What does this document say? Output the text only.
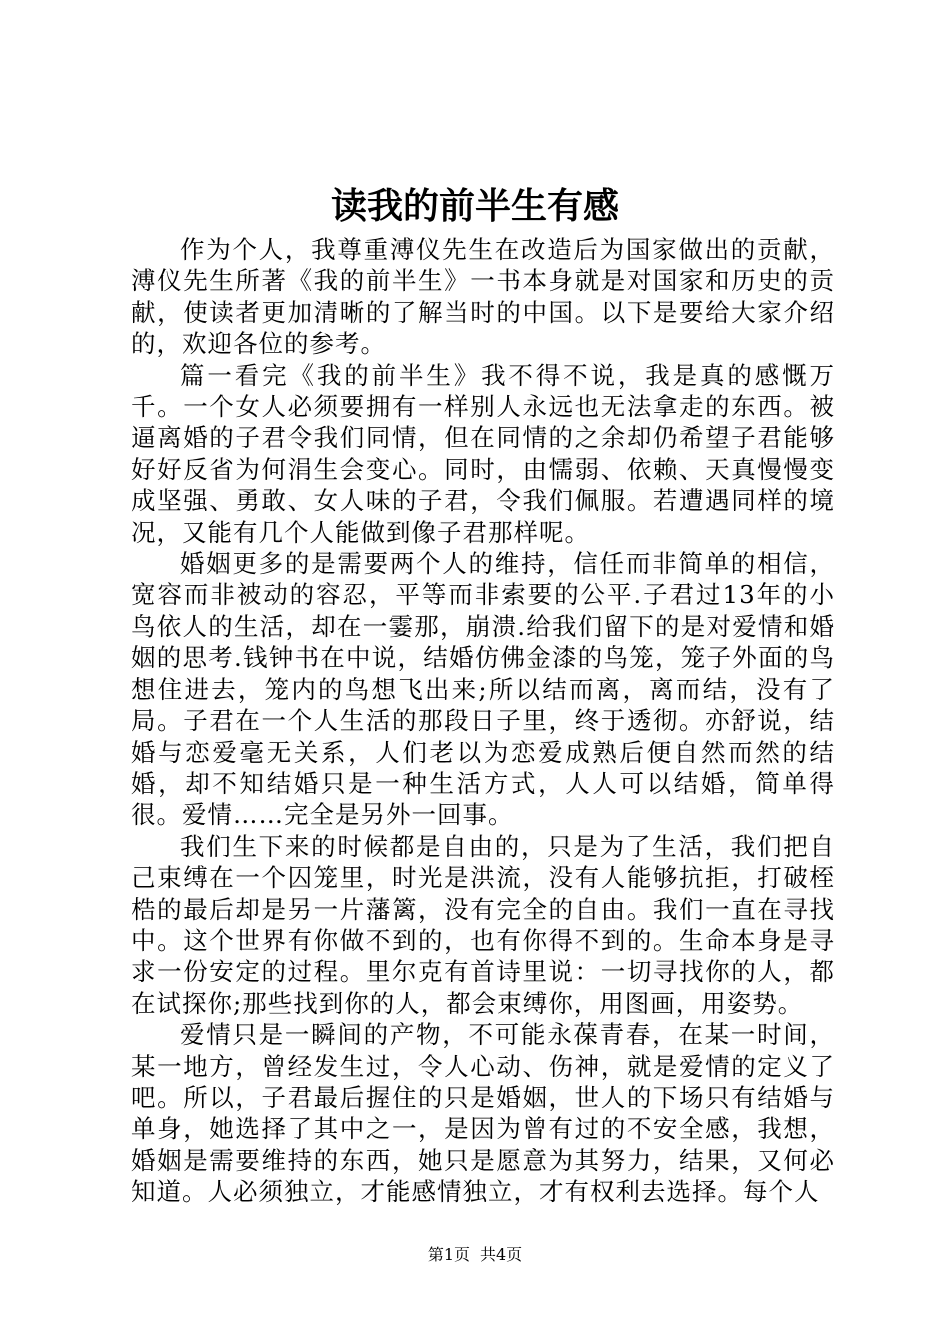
读我的前半生有感

作为个人，我尊重溥仪先生在改造后为国家做出的贡献，溥仪先生所著《我的前半生》一书本身就是对国家和历史的贡献，使读者更加清晰的了解当时的中国。以下是要给大家介绍的，欢迎各位的参考。

篇一看完《我的前半生》我不得不说，我是真的感慨万千。一个女人必须要拥有一样别人永远也无法拿走的东西。被逼离婚的子君令我们同情，但在同情的之余却仍希望子君能够好好反省为何涓生会变心。同时，由懦弱、依赖、天真慢慢变成坚强、勇敢、女人味的子君，令我们佩服。若遭遇同样的境况，又能有几个人能做到像子君那样呢。

婚姻更多的是需要两个人的维持，信任而非简单的相信，宽容而非被动的容忍，平等而非索要的公平.子君过13年的小鸟依人的生活，却在一霎那，崩溃.给我们留下的是对爱情和婚姻的思考.钱钟书在中说，结婚仿佛金漆的鸟笼，笼子外面的鸟想住进去，笼内的鸟想飞出来;所以结而离，离而结，没有了局。子君在一个人生活的那段日子里，终于透彻。亦舒说，结婚与恋爱毫无关系，人们老以为恋爱成熟后便自然而然的结婚，却不知结婚只是一种生活方式，人人可以结婚，简单得很。爱情……完全是另外一回事。

我们生下来的时候都是自由的，只是为了生活，我们把自己束缚在一个囚笼里，时光是洪流，没有人能够抗拒，打破桎梏的最后却是另一片藩篱，没有完全的自由。我们一直在寻找中。这个世界有你做不到的，也有你得不到的。生命本身是寻求一份安定的过程。里尔克有首诗里说：一切寻找你的人，都在试探你;那些找到你的人，都会束缚你，用图画，用姿势。

爱情只是一瞬间的产物，不可能永葆青春，在某一时间，某一地方，曾经发生过，令人心动、伤神，就是爱情的定义了吧。所以，子君最后握住的只是婚姻，世人的下场只有结婚与单身，她选择了其中之一，是因为曾有过的不安全感，我想，婚姻是需要维持的东西，她只是愿意为其努力，结果，又何必知道。人必须独立，才能感情独立，才有权利去选择。每个人

第1页 共4页
